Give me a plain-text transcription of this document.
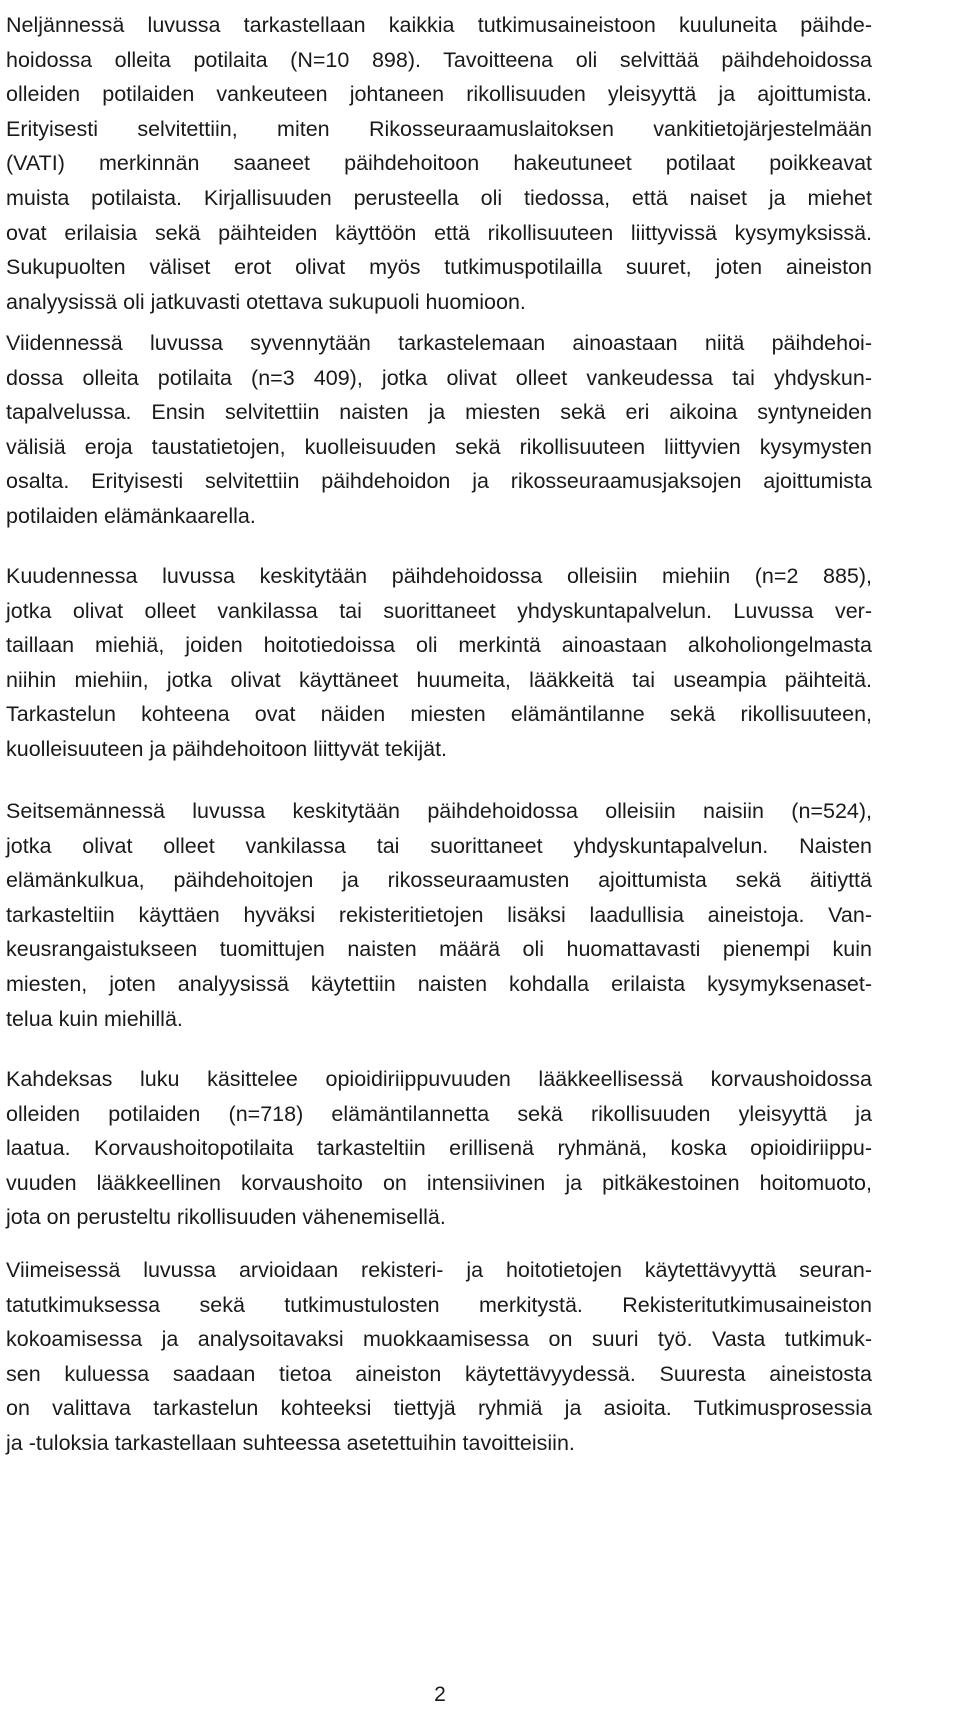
Neljännessä luvussa tarkastellaan kaikkia tutkimusaineistoon kuuluneita päihde-
hoidossa olleita potilaita (N=10 898). Tavoitteena oli selvittää päihdehoidossa
olleiden potilaiden vankeuteen johtaneen rikollisuuden yleisyyttä ja ajoittumista.
Erityisesti selvitettiin, miten Rikosseuraamuslaitoksen vankitietojärjestelmään
(VATI) merkinnän saaneet päihdehoitoon hakeutuneet potilaat poikkeavat
muista potilaista. Kirjallisuuden perusteella oli tiedossa, että naiset ja miehet
ovat erilaisia sekä päihteiden käyttöön että rikollisuuteen liittyvissä kysymyksissä.
Sukupuolten väliset erot olivat myös tutkimuspotilailla suuret, joten aineiston
analyysissä oli jatkuvasti otettava sukupuoli huomioon.
Viidennessä luvussa syvennytään tarkastelemaan ainoastaan niitä päihdehoi-
dossa olleita potilaita (n=3 409), jotka olivat olleet vankeudessa tai yhdyskun-
tapalvelussa. Ensin selvitettiin naisten ja miesten sekä eri aikoina syntyneiden
välisiä eroja taustatietojen, kuolleisuuden sekä rikollisuuteen liittyvien kysymysten
osalta. Erityisesti selvitettiin päihdehoidon ja rikosseuraamusjaksojen ajoittumista
potilaiden elämänkaarella.
Kuudennessa luvussa keskitytään päihdehoidossa olleisiin miehiin (n=2 885),
jotka olivat olleet vankilassa tai suorittaneet yhdyskuntapalvelun. Luvussa ver-
taillaan miehiä, joiden hoitotiedoissa oli merkintä ainoastaan alkoholiongelmasta
niihin miehiin, jotka olivat käyttäneet huumeita, lääkkeitä tai useampia päihteitä.
Tarkastelun kohteena ovat näiden miesten elämäntilanne sekä rikollisuuteen,
kuolleisuuteen ja päihdehoitoon liittyvät tekijät.
Seitsemännessä luvussa keskitytään päihdehoidossa olleisiin naisiin (n=524),
jotka olivat olleet vankilassa tai suorittaneet yhdyskuntapalvelun. Naisten
elämänkulkua, päihdehoitojen ja rikosseuraamusten ajoittumista sekä äitiyttä
tarkasteltiin käyttäen hyväksi rekisteritietojen lisäksi laadullisia aineistoja. Van-
keusrangaistukseen tuomittujen naisten määrä oli huomattavasti pienempi kuin
miesten, joten analyysissä käytettiin naisten kohdalla erilaista kysymyksenaset-
telua kuin miehillä.
Kahdeksas luku käsittelee opioidiriippuvuuden lääkkeellisessä korvaushoidossa
olleiden potilaiden (n=718) elämäntilannetta sekä rikollisuuden yleisyyttä ja
laatua. Korvaushoitopotilaita tarkasteltiin erillisenä ryhmänä, koska opioidiriippu-
vuuden lääkkeellinen korvaushoito on intensiivinen ja pitkäkestoinen hoitomuoto,
jota on perusteltu rikollisuuden vähenemisellä.
Viimeisessä luvussa arvioidaan rekisteri- ja hoitotietojen käytettävyyttä seuran-
tatutkimuksessa sekä tutkimustulosten merkitystä. Rekisteritutkimusaineiston
kokoamisessa ja analysoitavaksi muokkaamisessa on suuri työ. Vasta tutkimuk-
sen kuluessa saadaan tietoa aineiston käytettävyydessä. Suuresta aineistosta
on valittava tarkastelun kohteeksi tiettyjä ryhmiä ja asioita. Tutkimusprosessia
ja -tuloksia tarkastellaan suhteessa asetettuihin tavoitteisiin.
2
